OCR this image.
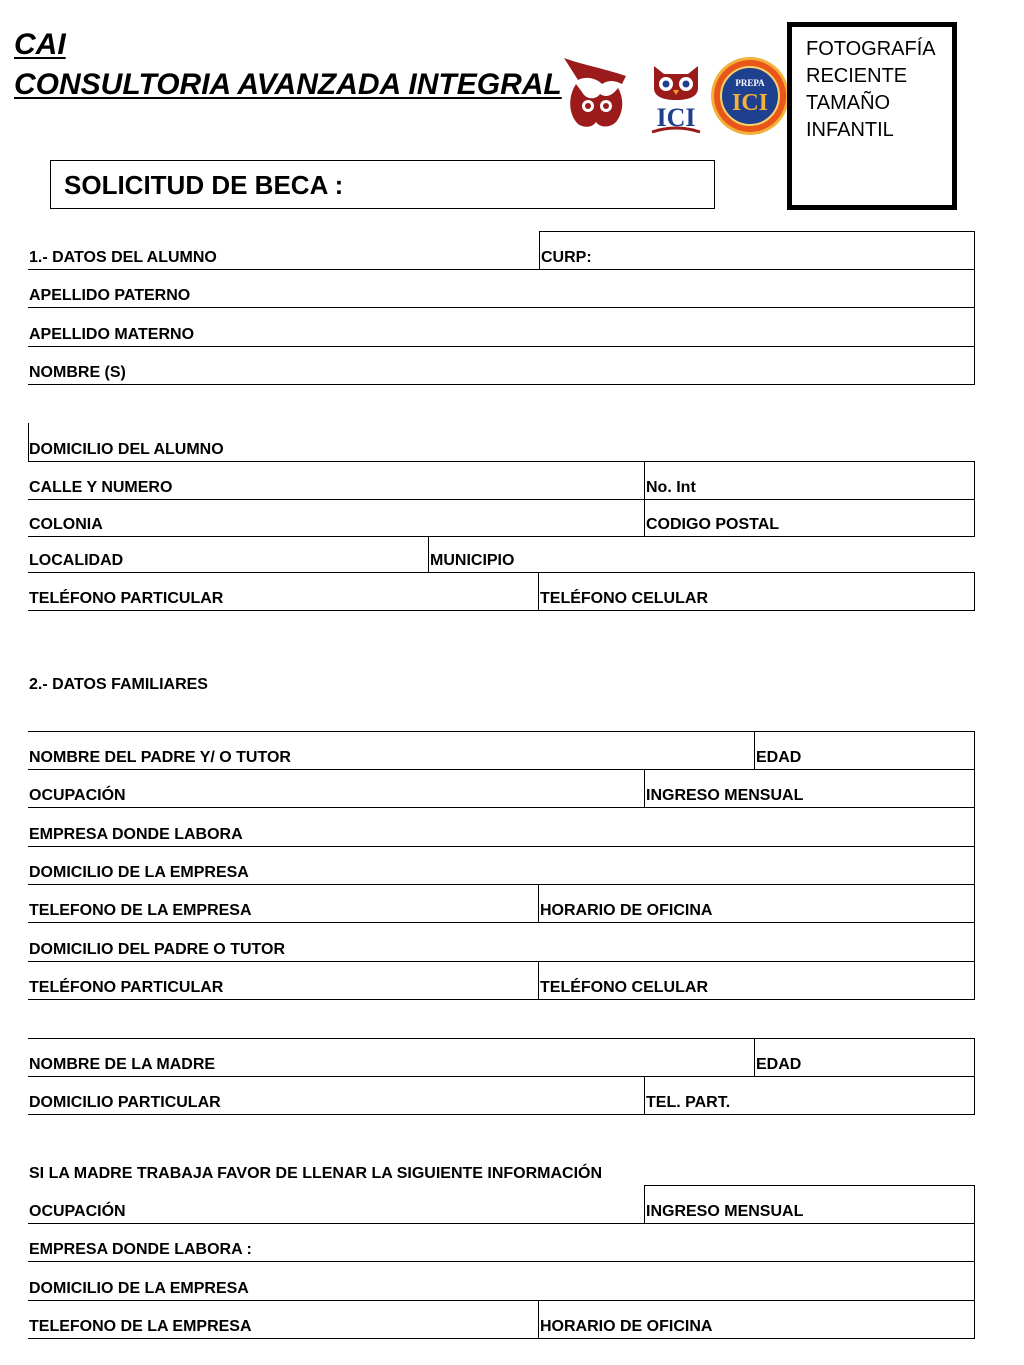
CAI
CONSULTORIA AVANZADA INTEGRAL
ICI
PREPA
ICI
FOTOGRAFÍA
RECIENTE
TAMAÑO
INFANTIL
SOLICITUD DE BECA :
1.- DATOS DEL ALUMNO	CURP:
APELLIDO PATERNO
APELLIDO MATERNO
NOMBRE (S)
DOMICILIO DEL ALUMNO
CALLE Y NUMERO	No. Int
COLONIA	CODIGO POSTAL
LOCALIDAD	MUNICIPIO
TELÉFONO PARTICULAR	TELÉFONO CELULAR
2.- DATOS FAMILIARES
NOMBRE DEL PADRE Y/ O TUTOR	EDAD
OCUPACIÓN	INGRESO MENSUAL
EMPRESA DONDE LABORA
DOMICILIO DE LA EMPRESA
TELEFONO DE LA EMPRESA	HORARIO DE OFICINA
DOMICILIO DEL PADRE O TUTOR
TELÉFONO PARTICULAR	TELÉFONO CELULAR
NOMBRE DE LA MADRE	EDAD
DOMICILIO PARTICULAR	TEL. PART.
SI LA MADRE TRABAJA FAVOR DE LLENAR LA SIGUIENTE INFORMACIÓN
OCUPACIÓN	INGRESO MENSUAL
EMPRESA DONDE LABORA :
DOMICILIO DE LA EMPRESA
TELEFONO DE LA EMPRESA	HORARIO DE OFICINA
